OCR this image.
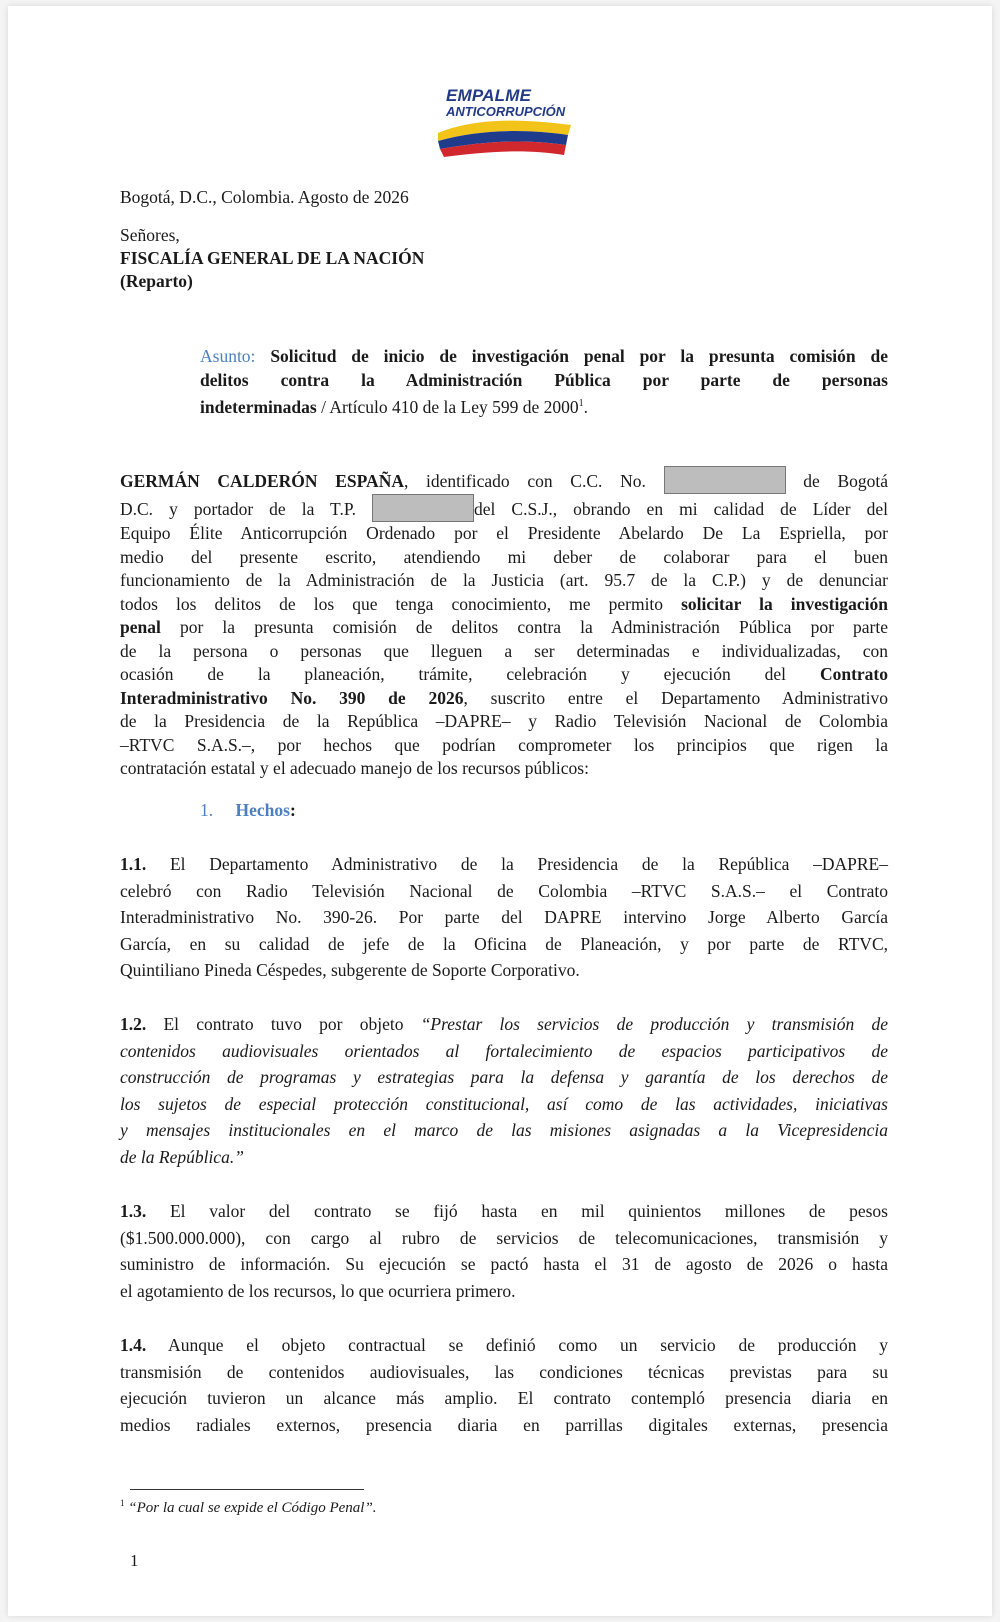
EMPALME
ANTICORRUPCIÓN
Bogotá, D.C., Colombia. Agosto de 2026
Señores,
FISCALÍA GENERAL DE LA NACIÓN
(Reparto)
Asunto: Solicitud de inicio de investigación penal por la presunta comisión de
delitos contra la Administración Pública por parte de personas
indeterminadas / Artículo 410 de la Ley 599 de 2000$^1$.
GERMÁN CALDERÓN ESPAÑA, identificado con C.C. No.	de Bogotá
D.C. y portador de la T.P.	del C.S.J., obrando en mi calidad de Líder del
Equipo Élite Anticorrupción Ordenado por el Presidente Abelardo De La Espriella, por
medio del presente escrito, atendiendo mi deber de colaborar para el buen
funcionamiento de la Administración de la Justicia (art. 95.7 de la C.P.) y de denunciar
todos los delitos de los que tenga conocimiento, me permito solicitar la investigación
penal por la presunta comisión de delitos contra la Administración Pública por parte
de la persona o personas que lleguen a ser determinadas e individualizadas, con
ocasión de la planeación, trámite, celebración y ejecución del Contrato
Interadministrativo No. 390 de 2026, suscrito entre el Departamento Administrativo
de la Presidencia de la República –DAPRE– y Radio Televisión Nacional de Colombia
–RTVC S.A.S.–, por hechos que podrían comprometer los principios que rigen la
contratación estatal y el adecuado manejo de los recursos públicos:
1. Hechos:
1.1. El Departamento Administrativo de la Presidencia de la República –DAPRE–
celebró con Radio Televisión Nacional de Colombia –RTVC S.A.S.– el Contrato
Interadministrativo No. 390-26. Por parte del DAPRE intervino Jorge Alberto García
García, en su calidad de jefe de la Oficina de Planeación, y por parte de RTVC,
Quintiliano Pineda Céspedes, subgerente de Soporte Corporativo.
1.2. El contrato tuvo por objeto “Prestar los servicios de producción y transmisión de
contenidos audiovisuales orientados al fortalecimiento de espacios participativos de
construcción de programas y estrategias para la defensa y garantía de los derechos de
los sujetos de especial protección constitucional, así como de las actividades, iniciativas
y mensajes institucionales en el marco de las misiones asignadas a la Vicepresidencia
de la República.”
1.3. El valor del contrato se fijó hasta en mil quinientos millones de pesos
($1.500.000.000), con cargo al rubro de servicios de telecomunicaciones, transmisión y
suministro de información. Su ejecución se pactó hasta el 31 de agosto de 2026 o hasta
el agotamiento de los recursos, lo que ocurriera primero.
1.4. Aunque el objeto contractual se definió como un servicio de producción y
transmisión de contenidos audiovisuales, las condiciones técnicas previstas para su
ejecución tuvieron un alcance más amplio. El contrato contempló presencia diaria en
medios radiales externos, presencia diaria en parrillas digitales externas, presencia
$^1$ “Por la cual se expide el Código Penal”.
1
